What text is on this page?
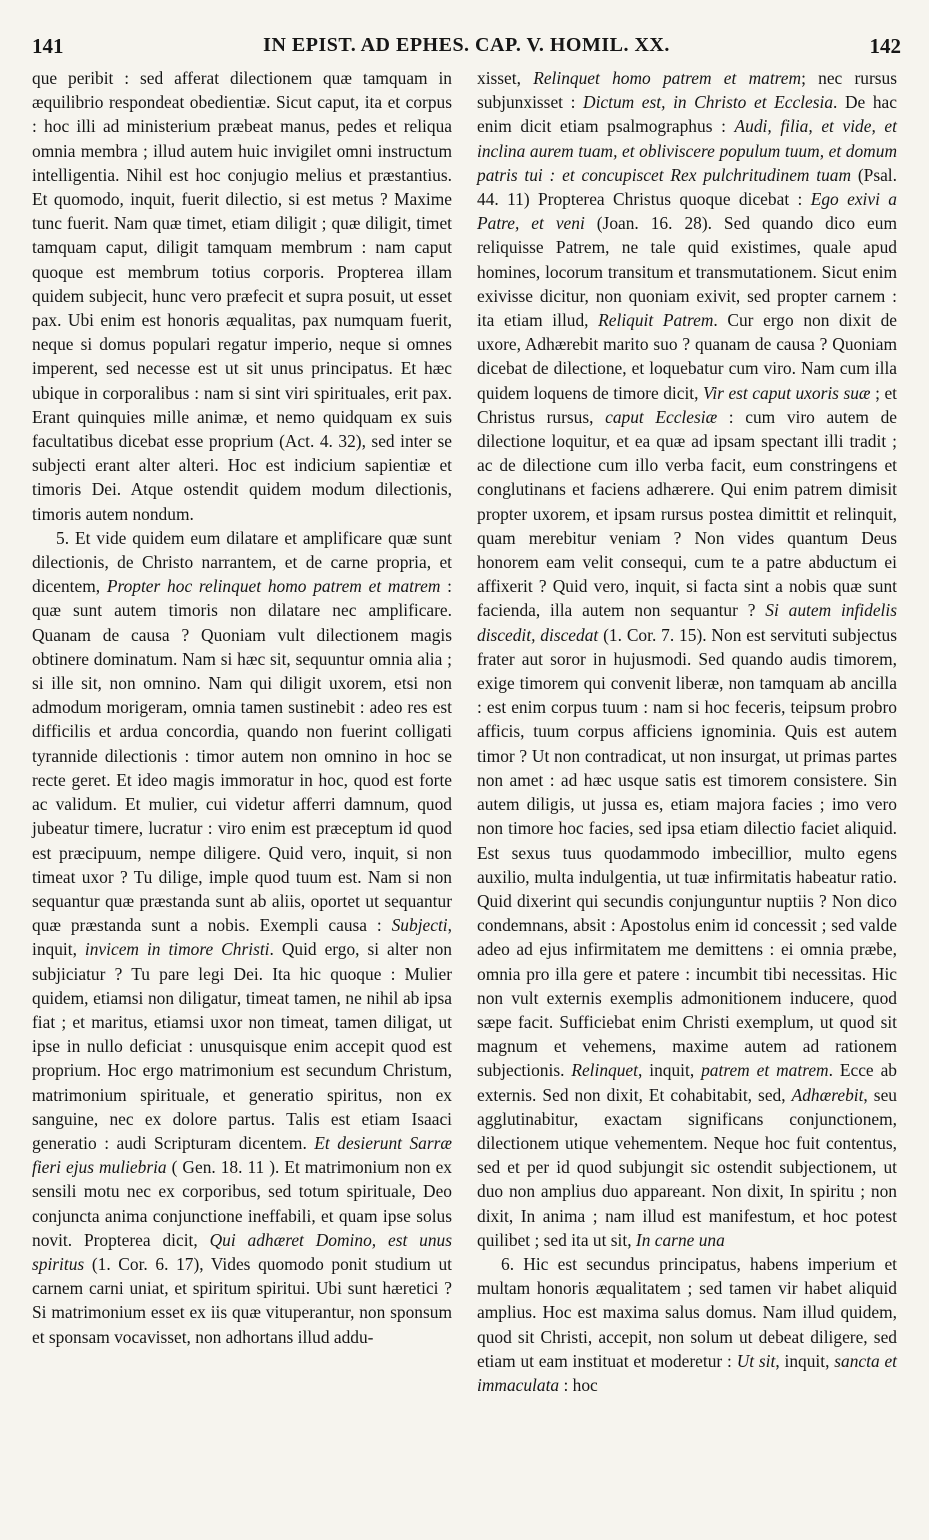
141	IN EPIST. AD EPHES. CAP. V. HOMIL. XX.	142

que peribit : sed afferat dilectionem quæ tamquam in æquilibrio respondeat obedientiæ. Sicut caput, ita et corpus : hoc illi ad ministerium præbeat manus, pedes et reliqua omnia membra ; illud autem huic invigilet omni instructum intelligentia. Nihil est hoc conjugio melius et præstantius. Et quomodo, inquit, fuerit dilectio, si est metus ? Maxime tunc fuerit. Nam quæ timet, etiam diligit ; quæ diligit, timet tamquam caput, diligit tamquam membrum : nam caput quoque est membrum totius corporis. Propterea illam quidem subjecit, hunc vero præfecit et supra posuit, ut esset pax. Ubi enim est honoris æqualitas, pax numquam fuerit, neque si domus populari regatur imperio, neque si omnes imperent, sed necesse est ut sit unus principatus. Et hæc ubique in corporalibus : nam si sint viri spirituales, erit pax. Erant quinquies mille animæ, et nemo quidquam ex suis facultatibus dicebat esse proprium (Act. 4. 32), sed inter se subjecti erant alter alteri. Hoc est indicium sapientiæ et timoris Dei. Atque ostendit quidem modum dilectionis, timoris autem nondum.

5. Et vide quidem eum dilatare et amplificare quæ sunt dilectionis, de Christo narrantem, et de carne propria, et dicentem, Propter hoc relinquet homo patrem et matrem : quæ sunt autem timoris non dilatare nec amplificare. Quanam de causa ? Quoniam vult dilectionem magis obtinere dominatum. Nam si hæc sit, sequuntur omnia alia ; si ille sit, non omnino. Nam qui diligit uxorem, etsi non admodum morigeram, omnia tamen sustinebit : adeo res est difficilis et ardua concordia, quando non fuerint colligati tyrannide dilectionis : timor autem non omnino in hoc se recte geret. Et ideo magis immoratur in hoc, quod est forte ac validum. Et mulier, cui videtur afferri damnum, quod jubeatur timere, lucratur : viro enim est præceptum id quod est præcipuum, nempe diligere. Quid vero, inquit, si non timeat uxor ? Tu dilige, imple quod tuum est. Nam si non sequantur quæ præstanda sunt ab aliis, oportet ut sequantur quæ præstanda sunt a nobis. Exempli causa : Subjecti, inquit, invicem in timore Christi. Quid ergo, si alter non subjiciatur ? Tu pare legi Dei. Ita hic quoque : Mulier quidem, etiamsi non diligatur, timeat tamen, ne nihil ab ipsa fiat ; et maritus, etiamsi uxor non timeat, tamen diligat, ut ipse in nullo deficiat : unusquisque enim accepit quod est proprium. Hoc ergo matrimonium est secundum Christum, matrimonium spirituale, et generatio spiritus, non ex sanguine, nec ex dolore partus. Talis est etiam Isaaci generatio : audi Scripturam dicentem. Et desierunt Sarræ fieri ejus muliebria ( Gen. 18. 11 ). Et matrimonium non ex sensili motu nec ex corporibus, sed totum spirituale, Deo conjuncta anima conjunctione ineffabili, et quam ipse solus novit. Propterea dicit, Qui adhæret Domino, est unus spiritus (1. Cor. 6. 17), Vides quomodo ponit studium ut carnem carni uniat, et spiritum spiritui. Ubi sunt hæretici ? Si matrimonium esset ex iis quæ vituperantur, non sponsum et sponsam vocavisset, non adhortans illud addu-

xisset, Relinquet homo patrem et matrem; nec rursus subjunxisset : Dictum est, in Christo et Ecclesia. De hac enim dicit etiam psalmographus : Audi, filia, et vide, et inclina aurem tuam, et obliviscere populum tuum, et domum patris tui : et concupiscet Rex pulchritudinem tuam (Psal. 44. 11) Propterea Christus quoque dicebat : Ego exivi a Patre, et veni (Joan. 16. 28). Sed quando dico eum reliquisse Patrem, ne tale quid existimes, quale apud homines, locorum transitum et transmutationem. Sicut enim exivisse dicitur, non quoniam exivit, sed propter carnem : ita etiam illud, Reliquit Patrem. Cur ergo non dixit de uxore, Adhærebit marito suo ? quanam de causa ? Quoniam dicebat de dilectione, et loquebatur cum viro. Nam cum illa quidem loquens de timore dicit, Vir est caput uxoris suæ ; et Christus rursus, caput Ecclesiæ : cum viro autem de dilectione loquitur, et ea quæ ad ipsam spectant illi tradit ; ac de dilectione cum illo verba facit, eum constringens et conglutinans et faciens adhærere. Qui enim patrem dimisit propter uxorem, et ipsam rursus postea dimittit et relinquit, quam merebitur veniam ? Non vides quantum Deus honorem eam velit consequi, cum te a patre abductum ei affixerit ? Quid vero, inquit, si facta sint a nobis quæ sunt facienda, illa autem non sequantur ? Si autem infidelis discedit, discedat (1. Cor. 7. 15). Non est servituti subjectus frater aut soror in hujusmodi. Sed quando audis timorem, exige timorem qui convenit liberæ, non tamquam ab ancilla : est enim corpus tuum : nam si hoc feceris, teipsum probro afficis, tuum corpus afficiens ignominia. Quis est autem timor ? Ut non contradicat, ut non insurgat, ut primas partes non amet : ad hæc usque satis est timorem consistere. Sin autem diligis, ut jussa es, etiam majora facies ; imo vero non timore hoc facies, sed ipsa etiam dilectio faciet aliquid. Est sexus tuus quodammodo imbecillior, multo egens auxilio, multa indulgentia, ut tuæ infirmitatis habeatur ratio. Quid dixerint qui secundis conjunguntur nuptiis ? Non dico condemnans, absit : Apostolus enim id concessit ; sed valde adeo ad ejus infirmitatem me demittens : ei omnia præbe, omnia pro illa gere et patere : incumbit tibi necessitas. Hic non vult externis exemplis admonitionem inducere, quod sæpe facit. Sufficiebat enim Christi exemplum, ut quod sit magnum et vehemens, maxime autem ad rationem subjectionis. Relinquet, inquit, patrem et matrem. Ecce ab externis. Sed non dixit, Et cohabitabit, sed, Adhærebit, seu agglutinabitur, exactam significans conjunctionem, dilectionem utique vehementem. Neque hoc fuit contentus, sed et per id quod subjungit sic ostendit subjectionem, ut duo non amplius duo appareant. Non dixit, In spiritu ; non dixit, In anima ; nam illud est manifestum, et hoc potest quilibet ; sed ita ut sit, In carne una

6. Hic est secundus principatus, habens imperium et multam honoris æqualitatem ; sed tamen vir habet aliquid amplius. Hoc est maxima salus domus. Nam illud quidem, quod sit Christi, accepit, non solum ut debeat diligere, sed etiam ut eam instituat et moderetur : Ut sit, inquit, sancta et immaculata : hoc
